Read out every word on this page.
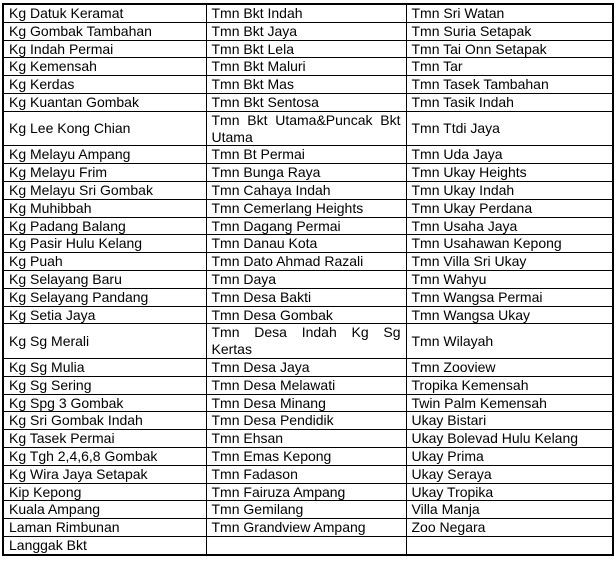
Kg Datuk Keramat	Tmn Bkt Indah	Tmn Sri Watan
Kg Gombak Tambahan	Tmn Bkt Jaya	Tmn Suria Setapak
Kg Indah Permai	Tmn Bkt Lela	Tmn Tai Onn Setapak
Kg Kemensah	Tmn Bkt Maluri	Tmn Tar
Kg Kerdas	Tmn Bkt Mas	Tmn Tasek Tambahan
Kg Kuantan Gombak	Tmn Bkt Sentosa	Tmn Tasik Indah
Kg Lee Kong Chian	Tmn Bkt Utama&Puncak Bkt Utama	Tmn Ttdi Jaya
Kg Melayu Ampang	Tmn Bt Permai	Tmn Uda Jaya
Kg Melayu Frim	Tmn Bunga Raya	Tmn Ukay Heights
Kg Melayu Sri Gombak	Tmn Cahaya Indah	Tmn Ukay Indah
Kg Muhibbah	Tmn Cemerlang Heights	Tmn Ukay Perdana
Kg Padang Balang	Tmn Dagang Permai	Tmn Usaha Jaya
Kg Pasir Hulu Kelang	Tmn Danau Kota	Tmn Usahawan Kepong
Kg Puah	Tmn Dato Ahmad Razali	Tmn Villa Sri Ukay
Kg Selayang Baru	Tmn Daya	Tmn Wahyu
Kg Selayang Pandang	Tmn Desa Bakti	Tmn Wangsa Permai
Kg Setia Jaya	Tmn Desa Gombak	Tmn Wangsa Ukay
Kg Sg Merali	Tmn Desa Indah Kg Sg Kertas	Tmn Wilayah
Kg Sg Mulia	Tmn Desa Jaya	Tmn Zooview
Kg Sg Sering	Tmn Desa Melawati	Tropika Kemensah
Kg Spg 3 Gombak	Tmn Desa Minang	Twin Palm Kemensah
Kg Sri Gombak Indah	Tmn Desa Pendidik	Ukay Bistari
Kg Tasek Permai	Tmn Ehsan	Ukay Bolevad Hulu Kelang
Kg Tgh 2,4,6,8 Gombak	Tmn Emas Kepong	Ukay Prima
Kg Wira Jaya Setapak	Tmn Fadason	Ukay Seraya
Kip Kepong	Tmn Fairuza Ampang	Ukay Tropika
Kuala Ampang	Tmn Gemilang	Villa Manja
Laman Rimbunan	Tmn Grandview Ampang	Zoo Negara
Langgak Bkt		
